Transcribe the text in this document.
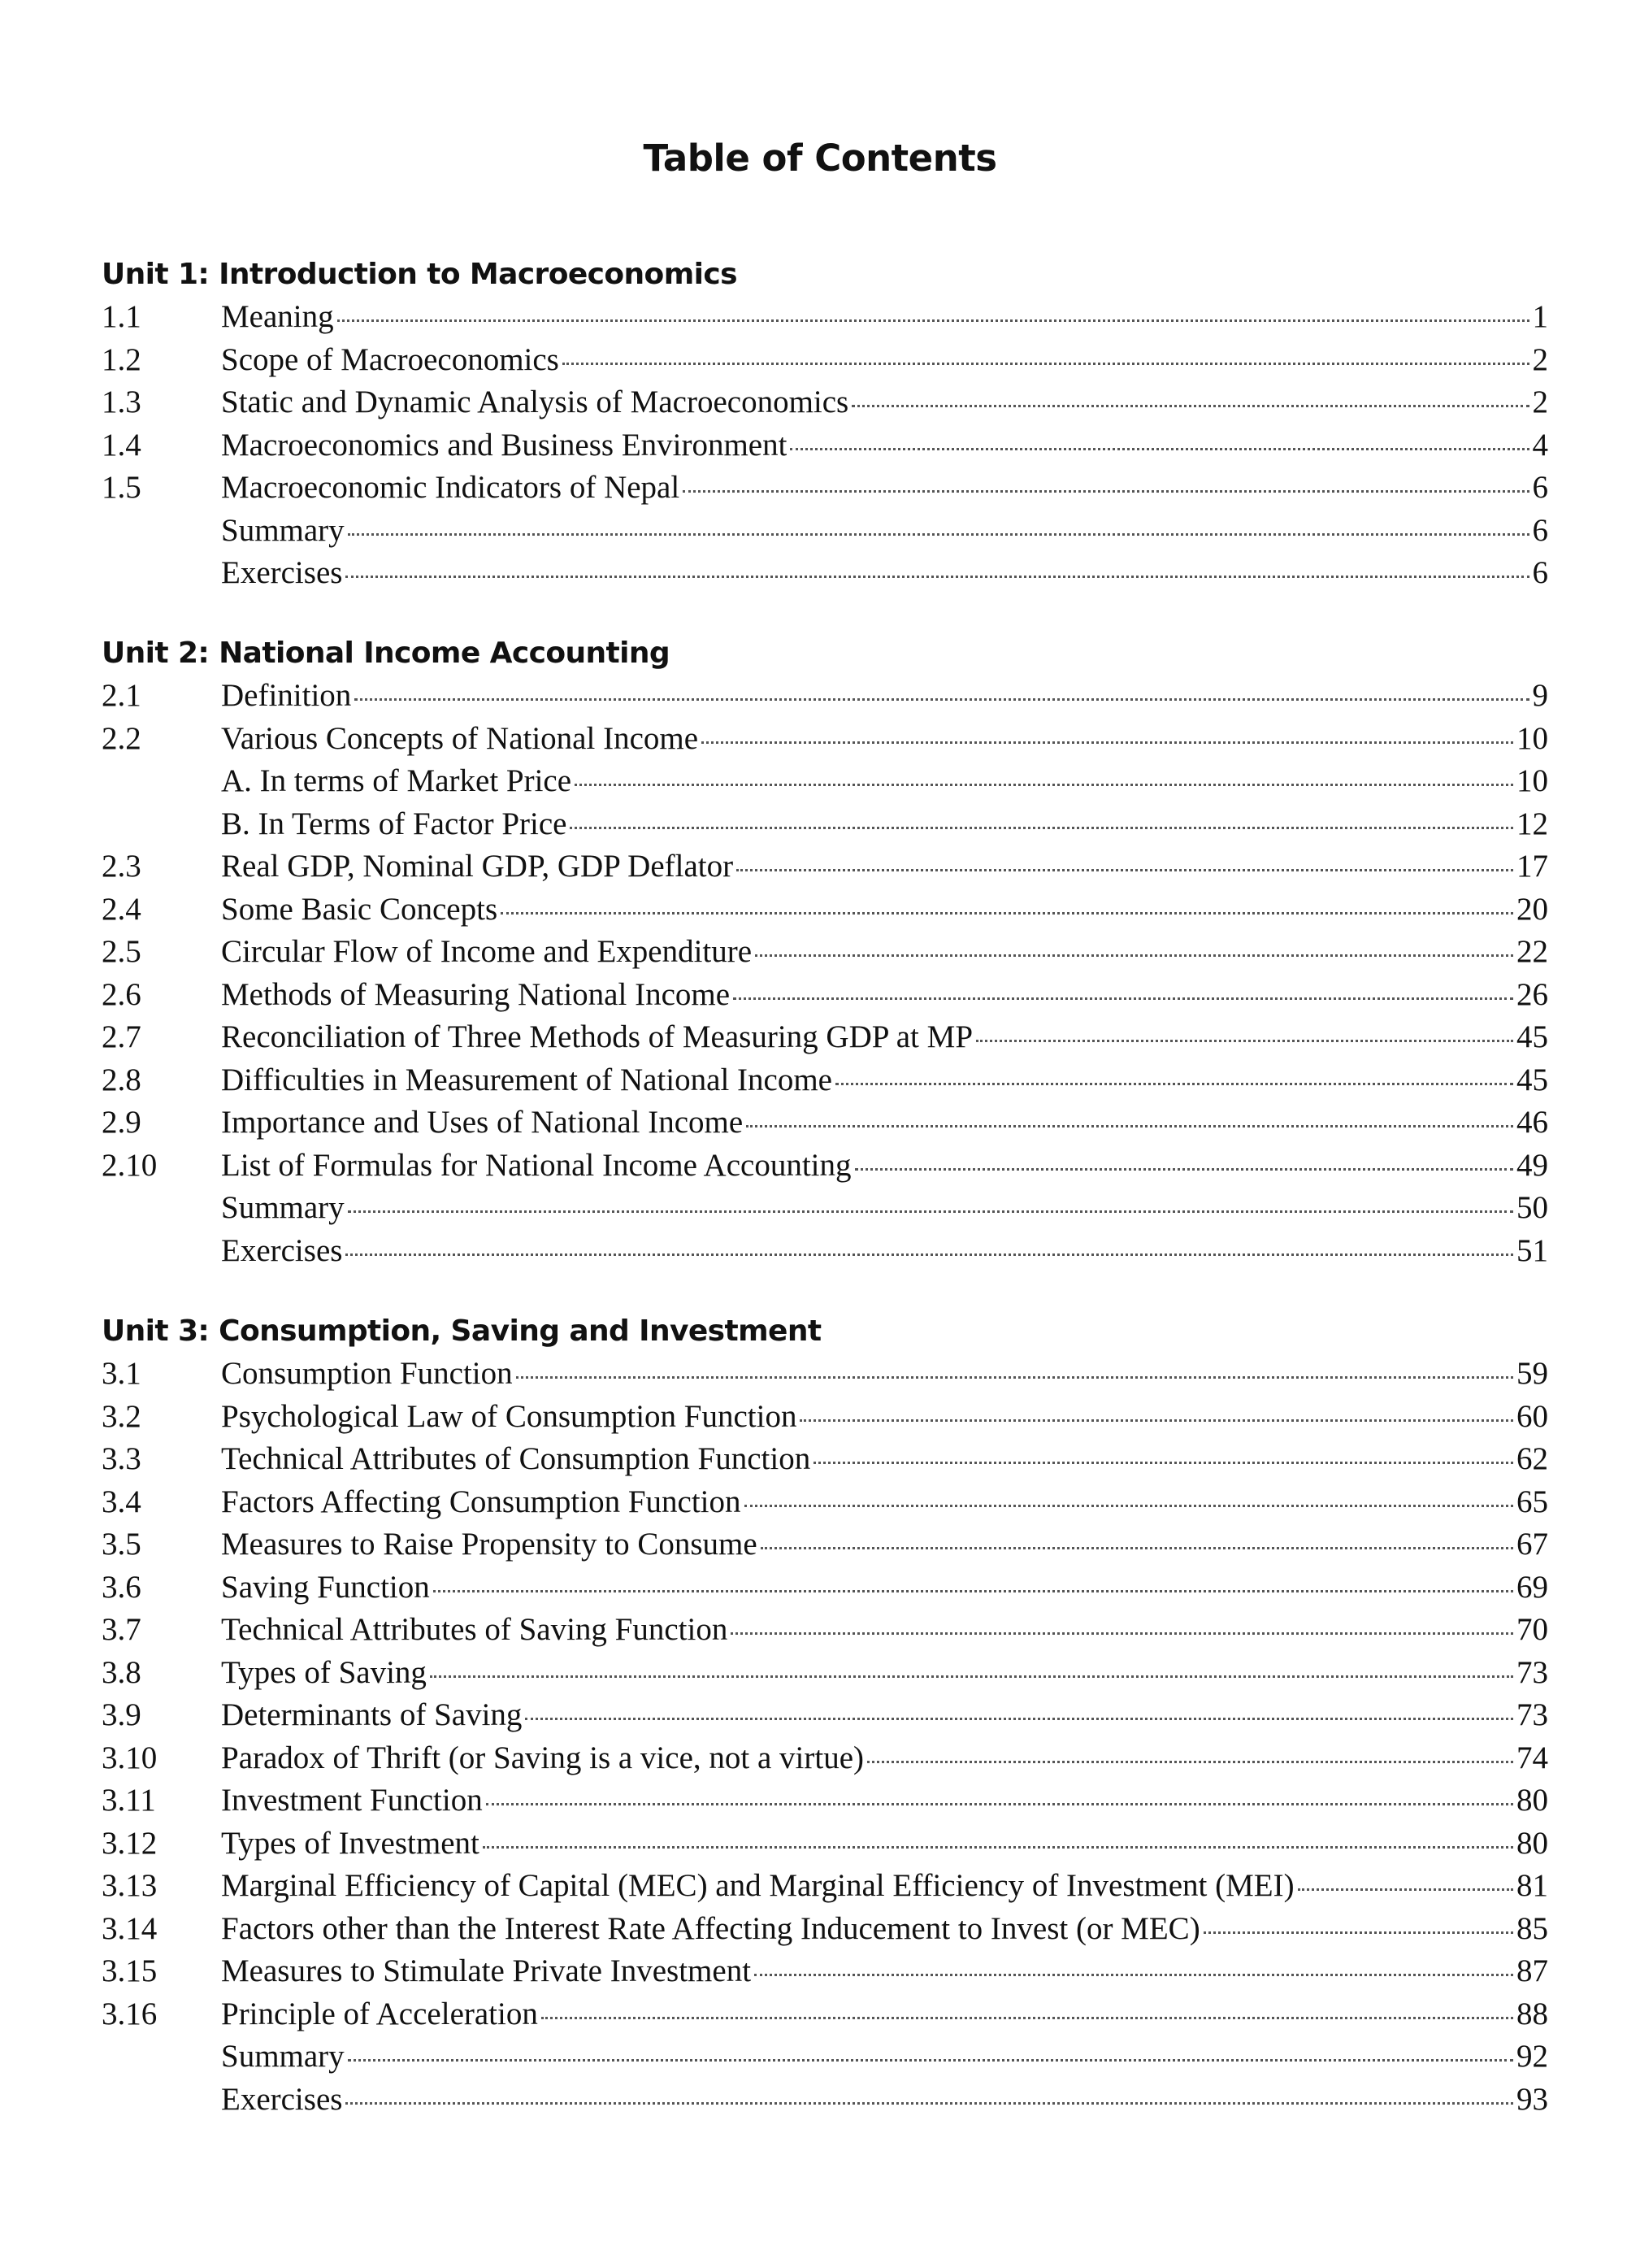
Table of Contents
Unit 1: Introduction to Macroeconomics
1.1	Meaning	1
1.2	Scope of Macroeconomics	2
1.3	Static and Dynamic Analysis of Macroeconomics	2
1.4	Macroeconomics and Business Environment	4
1.5	Macroeconomic Indicators of Nepal	6
Summary	6
Exercises	6
Unit 2: National Income Accounting
2.1	Definition	9
2.2	Various Concepts of National Income	10
A. In terms of Market Price	10
B. In Terms of Factor Price	12
2.3	Real GDP, Nominal GDP, GDP Deflator	17
2.4	Some Basic Concepts	20
2.5	Circular Flow of Income and Expenditure	22
2.6	Methods of Measuring National Income	26
2.7	Reconciliation of Three Methods of Measuring GDP at MP	45
2.8	Difficulties in Measurement of National Income	45
2.9	Importance and Uses of National Income	46
2.10	List of Formulas for National Income Accounting	49
Summary	50
Exercises	51
Unit 3: Consumption, Saving and Investment
3.1	Consumption Function	59
3.2	Psychological Law of Consumption Function	60
3.3	Technical Attributes of Consumption Function	62
3.4	Factors Affecting Consumption Function	65
3.5	Measures to Raise Propensity to Consume	67
3.6	Saving Function	69
3.7	Technical Attributes of Saving Function	70
3.8	Types of Saving	73
3.9	Determinants of Saving	73
3.10	Paradox of Thrift (or Saving is a vice, not a virtue)	74
3.11	Investment Function	80
3.12	Types of Investment	80
3.13	Marginal Efficiency of Capital (MEC) and Marginal Efficiency of Investment (MEI)	81
3.14	Factors other than the Interest Rate Affecting Inducement to Invest (or MEC)	85
3.15	Measures to Stimulate Private Investment	87
3.16	Principle of Acceleration	88
Summary	92
Exercises	93
